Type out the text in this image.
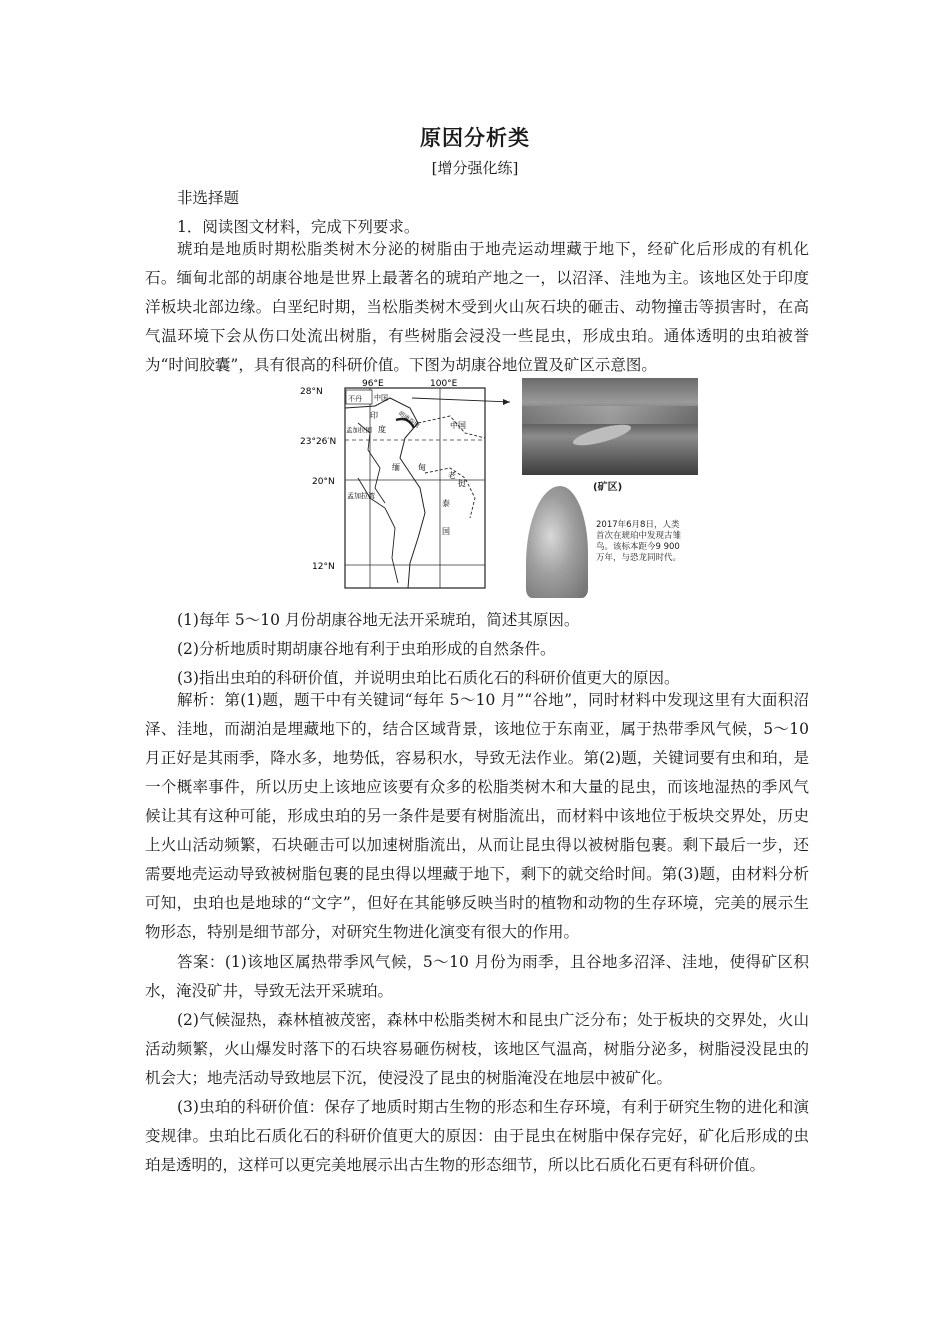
原因分析类
[增分强化练]
非选择题
1．阅读图文材料，完成下列要求。

琥珀是地质时期松脂类树木分泌的树脂由于地壳运动埋藏于地下，经矿化后形成的有机化石。缅甸北部的胡康谷地是世界上最著名的琥珀产地之一，以沼泽、洼地为主。该地区处于印度洋板块北部边缘。白垩纪时期，当松脂类树木受到火山灰石块的砸击、动物撞击等损害时，在高气温环境下会从伤口处流出树脂，有些树脂会浸没一些昆虫，形成虫珀。通体透明的虫珀被誉为“时间胶囊”，具有很高的科研价值。下图为胡康谷地位置及矿区示意图。

28°N
23°26′N
20°N
12°N
96°E	100°E
不丹 中国
印
度
孟加拉国
胡康谷地	中国
缅 甸
老
挝
孟加拉湾
泰
国
(矿区)
2017年6月8日，人类首次在琥珀中发现古雏鸟。该标本距今9 900万年，与恐龙同时代。
(1)每年 5～10 月份胡康谷地无法开采琥珀，简述其原因。
(2)分析地质时期胡康谷地有利于虫珀形成的自然条件。
(3)指出虫珀的科研价值，并说明虫珀比石质化石的科研价值更大的原因。

解析：第(1)题，题干中有关键词“每年 5～10 月”“谷地”，同时材料中发现这里有大面积沼泽、洼地，而湖泊是埋藏地下的，结合区域背景，该地位于东南亚，属于热带季风气候，5～10 月正好是其雨季，降水多，地势低，容易积水，导致无法作业。第(2)题，关键词要有虫和珀，是一个概率事件，所以历史上该地应该要有众多的松脂类树木和大量的昆虫，而该地湿热的季风气候让其有这种可能，形成虫珀的另一条件是要有树脂流出，而材料中该地位于板块交界处，历史上火山活动频繁，石块砸击可以加速树脂流出，从而让昆虫得以被树脂包裹。剩下最后一步，还需要地壳运动导致被树脂包裹的昆虫得以埋藏于地下，剩下的就交给时间。第(3)题，由材料分析可知，虫珀也是地球的“文字”，但好在其能够反映当时的植物和动物的生存环境，完美的展示生物形态，特别是细节部分，对研究生物进化演变有很大的作用。

答案：(1)该地区属热带季风气候，5～10 月份为雨季，且谷地多沼泽、洼地，使得矿区积水，淹没矿井，导致无法开采琥珀。

(2)气候湿热，森林植被茂密，森林中松脂类树木和昆虫广泛分布；处于板块的交界处，火山活动频繁，火山爆发时落下的石块容易砸伤树枝，该地区气温高，树脂分泌多，树脂浸没昆虫的机会大；地壳活动导致地层下沉，使浸没了昆虫的树脂淹没在地层中被矿化。

(3)虫珀的科研价值：保存了地质时期古生物的形态和生存环境，有利于研究生物的进化和演变规律。虫珀比石质化石的科研价值更大的原因：由于昆虫在树脂中保存完好，矿化后形成的虫珀是透明的，这样可以更完美地展示出古生物的形态细节，所以比石质化石更有科研价值。
